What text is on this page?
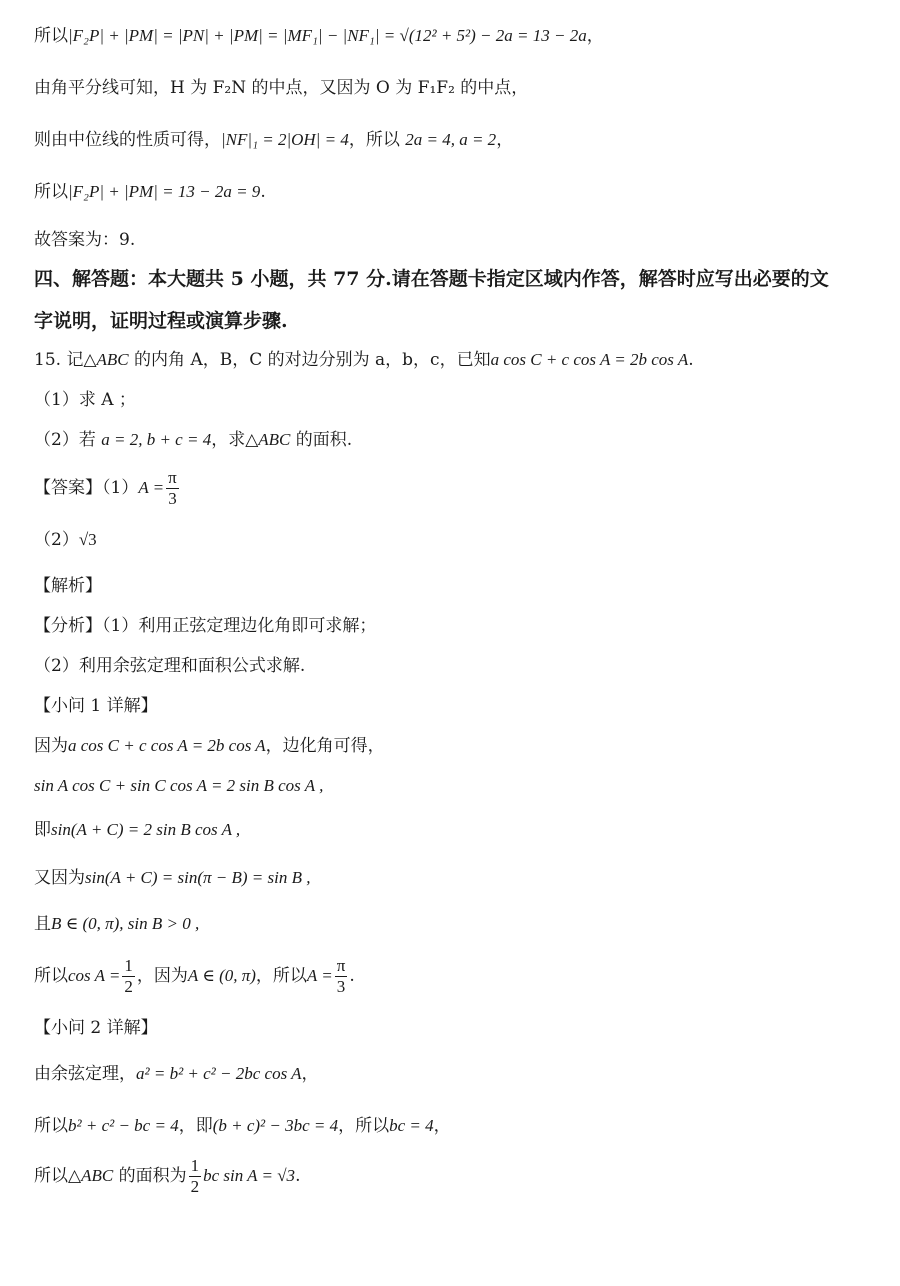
所以|F₂P| + |PM| = |PN| + |PM| = |MF₁| − |NF₁| = √(12² + 5²) − 2a = 13 − 2a，
由角平分线可知，H 为 F₂N 的中点，又因为 O 为 F₁F₂ 的中点，
则由中位线的性质可得，|NF|₁ = 2|OH| = 4，所以 2a = 4, a = 2，
所以|F₂P| + |PM| = 13 − 2a = 9.
故答案为：9.
四、解答题：本大题共 5 小题，共 77 分.请在答题卡指定区域内作答，解答时应写出必要的文
字说明，证明过程或演算步骤.
15. 记△ABC 的内角 A，B，C 的对边分别为 a，b，c，已知a cos C + c cos A = 2b cos A.
（1）求 A ；
（2）若 a = 2, b + c = 4，求△ABC 的面积.
【答案】$(1)A = \frac{\pi}{3}$
（2）√3
【解析】
【分析】（1）利用正弦定理边化角即可求解；
（2）利用余弦定理和面积公式求解.
【小问 1 详解】
因为a cos C + c cos A = 2b cos A，边化角可得，
sin A cos C + sin C cos A = 2 sin B cos A ,
即sin(A + C) = 2 sin B cos A ,
又因为sin(A + C) = sin(π − B) = sin B ,
且B ∈ (0, π), sin B > 0 ,
所以$\cos A = \frac{1}{2}$ ，因为A ∈ (0, π)，所以$A = \frac{\pi}{3}$ .
【小问 2 详解】
由余弦定理，a² = b² + c² − 2bc cos A，
所以b² + c² − bc = 4，即(b + c)² − 3bc = 4，所以bc = 4，
所以△ABC 的面积为 $\frac{1}{2}$ bc sin A = √3.
